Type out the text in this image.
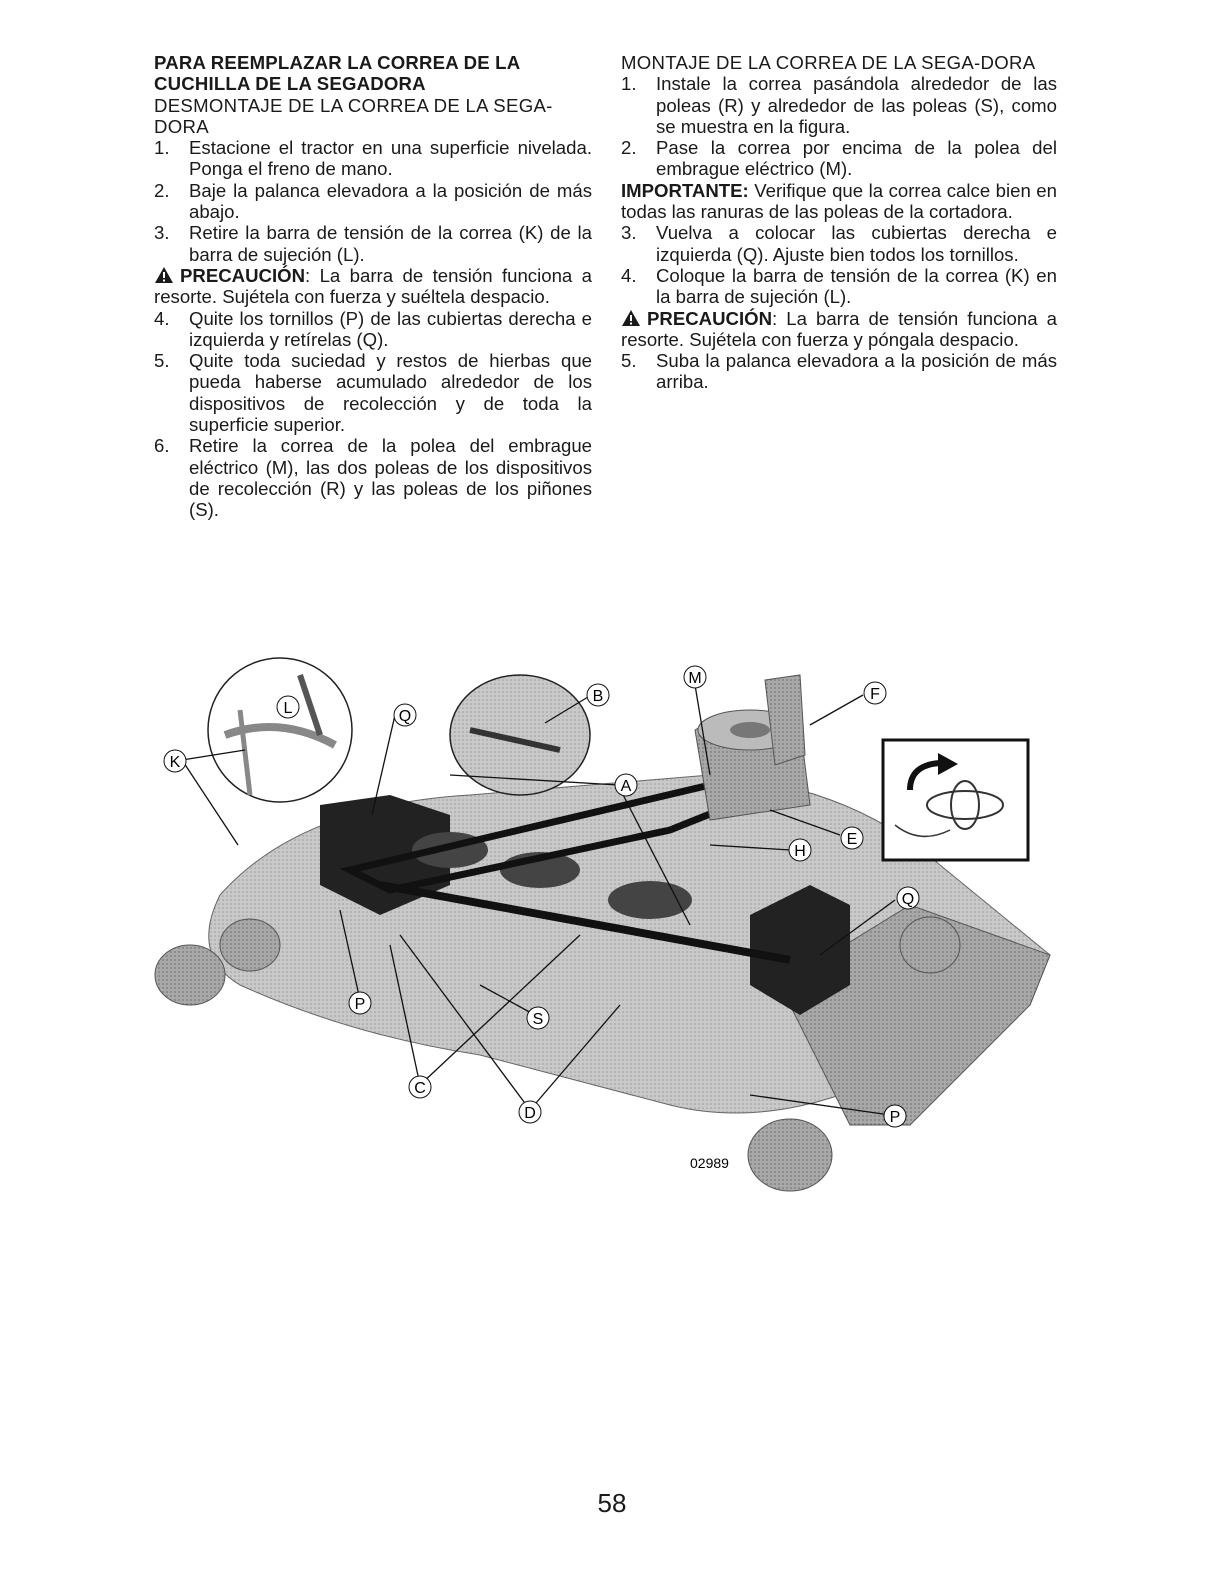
PARA REEMPLAZAR LA CORREA DE LA

CUCHILLA DE LA SEGADORA

DESMONTAJE DE LA CORREA DE LA SEGA-DORA

1. Estacione el tractor en una superficie nivelada. Ponga el freno de mano.
2. Baje la palanca elevadora a la posición de más abajo.
3. Retire la barra de tensión de la correa (K) de la barra de sujeción (L).
PRECAUCIÓN: La barra de tensión funciona a resorte. Sujétela con fuerza y suéltela despacio.
4. Quite los tornillos (P) de las cubiertas derecha e izquierda y retírelas (Q).
5. Quite toda suciedad y restos de hierbas que pueda haberse acumulado alrededor de los dispositivos de recolección y de toda la superficie superior.
6. Retire la correa de la polea del embrague eléctrico (M), las dos poleas de los dispositivos de recolección (R) y las poleas de los piñones (S).

MONTAJE DE LA CORREA DE LA SEGA-DORA

1. Instale la correa pasándola alrededor de las poleas (R) y alrededor de las poleas (S), como se muestra en la figura.
2. Pase la correa por encima de la polea del embrague eléctrico (M).
IMPORTANTE: Verifique que la correa calce bien en todas las ranuras de las poleas de la cortadora.
3. Vuelva a colocar las cubiertas derecha e izquierda (Q). Ajuste bien todos los tornillos.
4. Coloque la barra de tensión de la correa (K) en la barra de sujeción (L).
PRECAUCIÓN: La barra de tensión funciona a resorte. Sujétela con fuerza y póngala despacio.
5. Suba la palanca elevadora a la posición de más arriba.
M
B	F
L
K
Q
A
E
H
Q
P
S
C
D	P
02989
58
